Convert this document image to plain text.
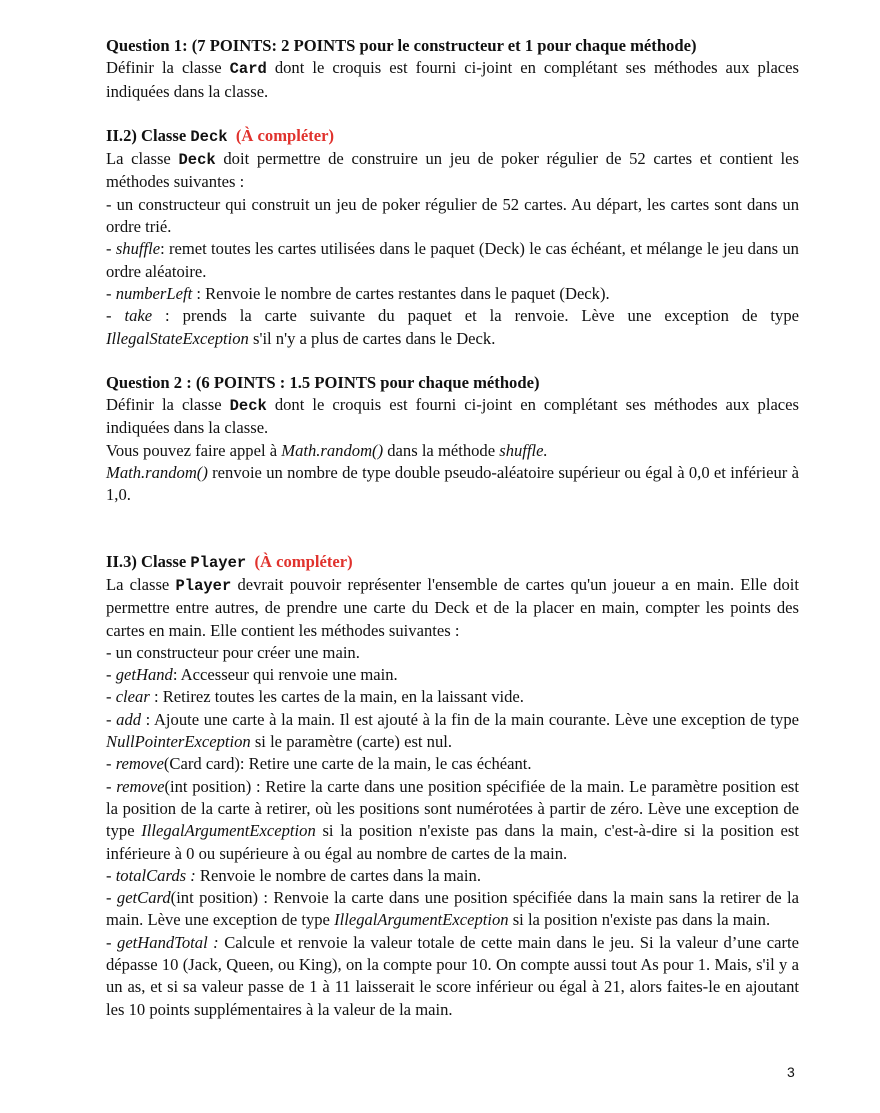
Question 1: (7 POINTS: 2 POINTS pour le constructeur et 1 pour chaque méthode)
Définir la classe Card dont le croquis est fourni ci-joint en complétant ses méthodes aux places indiquées dans la classe.

II.2) Classe Deck (À compléter)
La classe Deck doit permettre de construire un jeu de poker régulier de 52 cartes et contient les méthodes suivantes :
- un constructeur qui construit un jeu de poker régulier de 52 cartes. Au départ, les cartes sont dans un ordre trié.
- shuffle: remet toutes les cartes utilisées dans le paquet (Deck) le cas échéant, et mélange le jeu dans un ordre aléatoire.
- numberLeft : Renvoie le nombre de cartes restantes dans le paquet (Deck).
- take : prends la carte suivante du paquet et la renvoie. Lève une exception de type IllegalStateException s'il n'y a plus de cartes dans le Deck.

Question 2 : (6 POINTS : 1.5 POINTS pour chaque méthode)
Définir la classe Deck dont le croquis est fourni ci-joint en complétant ses méthodes aux places indiquées dans la classe.
Vous pouvez faire appel à Math.random() dans la méthode shuffle.
Math.random() renvoie un nombre de type double pseudo-aléatoire supérieur ou égal à 0,0 et inférieur à 1,0.

II.3) Classe Player (À compléter)
La classe Player devrait pouvoir représenter l'ensemble de cartes qu'un joueur a en main. Elle doit permettre entre autres, de prendre une carte du Deck et de la placer en main, compter les points des cartes en main. Elle contient les méthodes suivantes :
- un constructeur pour créer une main.
- getHand: Accesseur qui renvoie une main.
- clear : Retirez toutes les cartes de la main, en la laissant vide.
- add : Ajoute une carte à la main. Il est ajouté à la fin de la main courante. Lève une exception de type NullPointerException si le paramètre (carte) est nul.
- remove(Card card): Retire une carte de la main, le cas échéant.
- remove(int position) : Retire la carte dans une position spécifiée de la main. Le paramètre position est la position de la carte à retirer, où les positions sont numérotées à partir de zéro. Lève une exception de type IllegalArgumentException si la position n'existe pas dans la main, c'est-à-dire si la position est inférieure à 0 ou supérieure à ou égal au nombre de cartes de la main.
- totalCards : Renvoie le nombre de cartes dans la main.
- getCard(int position) : Renvoie la carte dans une position spécifiée dans la main sans la retirer de la main. Lève une exception de type IllegalArgumentException si la position n'existe pas dans la main.
- getHandTotal : Calcule et renvoie la valeur totale de cette main dans le jeu. Si la valeur d’une carte dépasse 10 (Jack, Queen, ou King), on la compte pour 10. On compte aussi tout As pour 1. Mais, s'il y a un as, et si sa valeur passe de 1 à 11 laisserait le score inférieur ou égal à 21, alors faites-le en ajoutant les 10 points supplémentaires à la valeur de la main.

3
